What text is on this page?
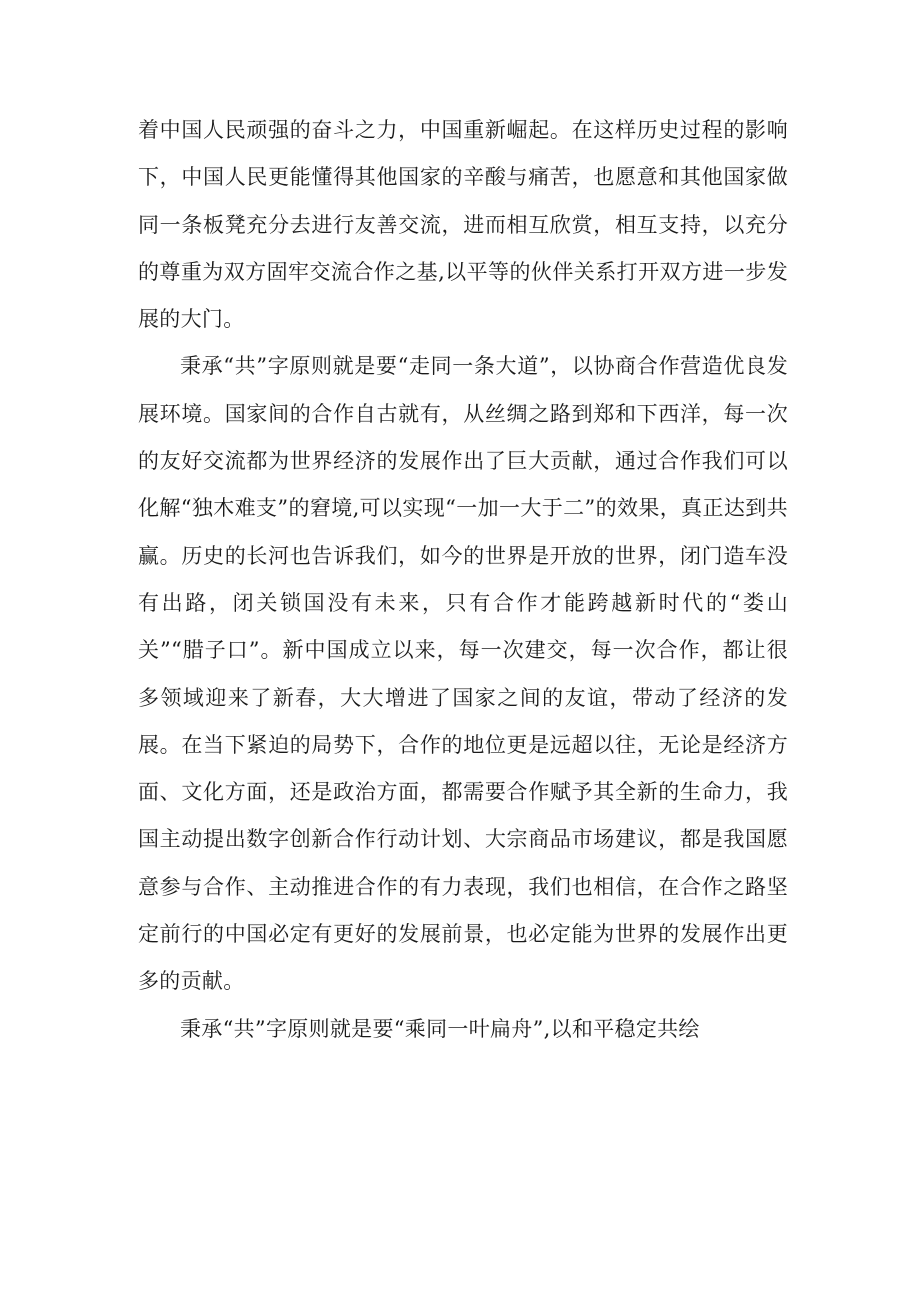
着中国人民顽强的奋斗之力，中国重新崛起。在这样历史过程的影响下，中国人民更能懂得其他国家的辛酸与痛苦，也愿意和其他国家做同一条板凳充分去进行友善交流，进而相互欣赏，相互支持，以充分的尊重为双方固牢交流合作之基,以平等的伙伴关系打开双方进一步发展的大门。

秉承“共”字原则就是要“走同一条大道”，以协商合作营造优良发展环境。国家间的合作自古就有，从丝绸之路到郑和下西洋，每一次的友好交流都为世界经济的发展作出了巨大贡献，通过合作我们可以化解“独木难支”的窘境,可以实现“一加一大于二”的效果，真正达到共赢。历史的长河也告诉我们，如今的世界是开放的世界，闭门造车没有出路，闭关锁国没有未来，只有合作才能跨越新时代的“娄山关”“腊子口”。新中国成立以来，每一次建交，每一次合作，都让很多领域迎来了新春，大大增进了国家之间的友谊，带动了经济的发展。在当下紧迫的局势下，合作的地位更是远超以往，无论是经济方面、文化方面，还是政治方面，都需要合作赋予其全新的生命力，我国主动提出数字创新合作行动计划、大宗商品市场建议，都是我国愿意参与合作、主动推进合作的有力表现，我们也相信，在合作之路坚定前行的中国必定有更好的发展前景，也必定能为世界的发展作出更多的贡献。

秉承“共”字原则就是要“乘同一叶扁舟”,以和平稳定共绘
